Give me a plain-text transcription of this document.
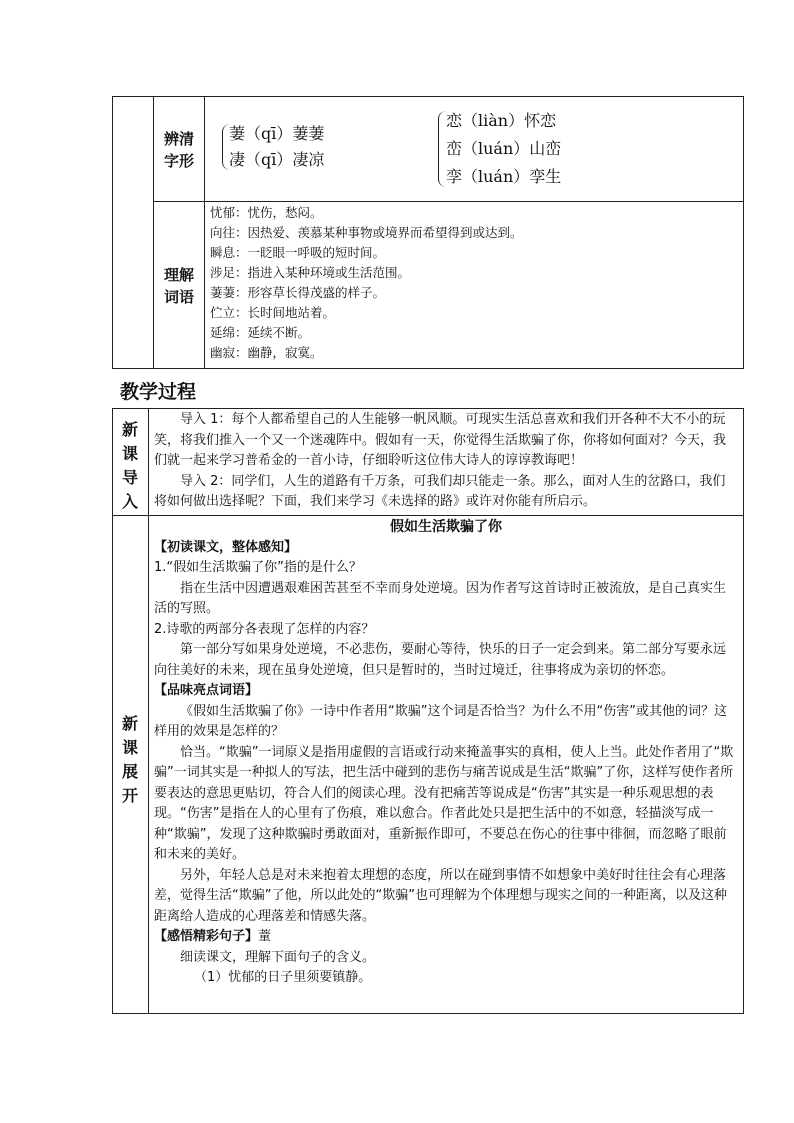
辨清字形
萋（qī）萋萋
凄（qī）凄凉
恋（liàn）怀恋
峦（luán）山峦
孪（luán）孪生
理解词语
忧郁：忧伤，愁闷。
向往：因热爱、羡慕某种事物或境界而希望得到或达到。
瞬息：一眨眼一呼吸的短时间。
涉足：指进入某种环境或生活范围。
萋萋：形容草长得茂盛的样子。
伫立：长时间地站着。
延绵：延续不断。
幽寂：幽静，寂寞。
教学过程
新课导入
导入 1：每个人都希望自己的人生能够一帆风顺。可现实生活总喜欢和我们开各种不大不小的玩笑，将我们推入一个又一个迷魂阵中。假如有一天，你觉得生活欺骗了你，你将如何面对？今天，我们就一起来学习普希金的一首小诗，仔细聆听这位伟大诗人的谆谆教诲吧！
导入 2：同学们，人生的道路有千万条，可我们却只能走一条。那么，面对人生的岔路口，我们将如何做出选择呢？下面，我们来学习《未选择的路》或许对你能有所启示。
新课展开
假如生活欺骗了你
【初读课文，整体感知】
1.“假如生活欺骗了你”指的是什么？
指在生活中因遭遇艰难困苦甚至不幸而身处逆境。因为作者写这首诗时正被流放，是自己真实生活的写照。
2.诗歌的两部分各表现了怎样的内容？
第一部分写如果身处逆境，不必悲伤，要耐心等待，快乐的日子一定会到来。第二部分写要永远向往美好的未来，现在虽身处逆境，但只是暂时的，当时过境迁，往事将成为亲切的怀恋。
【品味亮点词语】
《假如生活欺骗了你》一诗中作者用“欺骗”这个词是否恰当？为什么不用“伤害”或其他的词？这样用的效果是怎样的？
恰当。“欺骗”一词原义是指用虚假的言语或行动来掩盖事实的真相，使人上当。此处作者用了“欺骗”一词其实是一种拟人的写法，把生活中碰到的悲伤与痛苦说成是生活“欺骗”了你，这样写使作者所要表达的意思更贴切，符合人们的阅读心理。没有把痛苦等说成是“伤害”其实是一种乐观思想的表现。“伤害”是指在人的心里有了伤痕，难以愈合。作者此处只是把生活中的不如意，轻描淡写成一种“欺骗”，发现了这种欺骗时勇敢面对，重新振作即可，不要总在伤心的往事中徘徊，而忽略了眼前和未来的美好。
另外，年轻人总是对未来抱着太理想的态度，所以在碰到事情不如想象中美好时往往会有心理落差，觉得生活“欺骗”了他，所以此处的“欺骗”也可理解为个体理想与现实之间的一种距离，以及这种距离给人造成的心理落差和情感失落。
【感悟精彩句子】蕫
细读课文，理解下面句子的含义。
（1）忧郁的日子里须要镇静。
